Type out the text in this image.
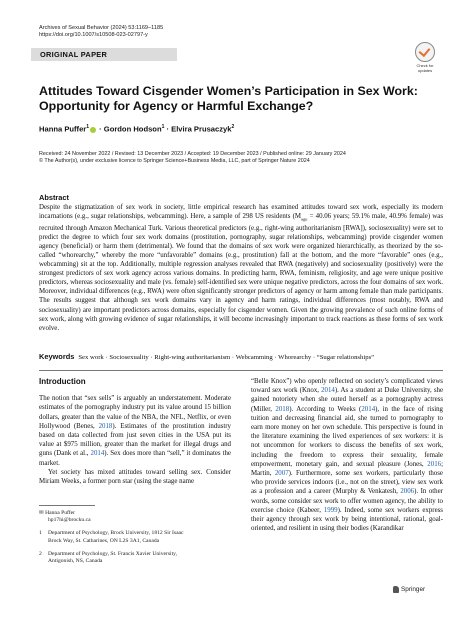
Archives of Sexual Behavior (2024) 53:1169–1185
https://doi.org/10.1007/s10508-023-02797-y
ORIGINAL PAPER
Check for
updates
Attitudes Toward Cisgender Women’s Participation in Sex Work:
Opportunity for Agency or Harmful Exchange?
Hanna Puffer$^1$ · Gordon Hodson$^1$ · Elvira Prusaczyk$^2$
Received: 24 November 2022 / Revised: 13 December 2023 / Accepted: 19 December 2023 / Published online: 29 January 2024
© The Author(s), under exclusive licence to Springer Science+Business Media, LLC, part of Springer Nature 2024
Abstract
Despite the stigmatization of sex work in society, little empirical research has examined attitudes toward sex work, especially its modern incarnations (e.g., sugar relationships, webcamming). Here, a sample of 298 US residents ($M_{age} = 40.06$ years; 59.1% male, 40.9% female) was recruited through Amazon Mechanical Turk. Various theoretical predictors (e.g., right-wing authoritarianism [RWA]), sociosexuality) were set to predict the degree to which four sex work domains (prostitution, pornography, sugar relationships, webcamming) provide cisgender women agency (beneficial) or harm them (detrimental). We found that the domains of sex work were organized hierarchically, as theorized by the so-called “whorearchy,” whereby the more “unfavorable” domains (e.g., prostitution) fall at the bottom, and the more “favorable” ones (e.g., webcamming) sit at the top. Additionally, multiple regression analyses revealed that RWA (negatively) and sociosexuality (positively) were the strongest predictors of sex work agency across various domains. In predicting harm, RWA, feminism, religiosity, and age were unique positive predictors, whereas sociosexuality and male (vs. female) self-identified sex were unique negative predictors, across the four domains of sex work. Moreover, individual differences (e.g., RWA) were often significantly stronger predictors of agency or harm among female than male participants. The results suggest that although sex work domains vary in agency and harm ratings, individual differences (most notably, RWA and sociosexuality) are important predictors across domains, especially for cisgender women. Given the growing prevalence of such online forms of sex work, along with growing evidence of sugar relationships, it will become increasingly important to track reactions as these forms of sex work evolve.
Keywords Sex work · Sociosexuality · Right-wing authoritarianism · Webcamming · Whorearchy · “Sugar relationships”
Introduction
The notion that “sex sells” is arguably an understatement. Moderate estimates of the pornography industry put its value around 15 billion dollars, greater than the value of the NBA, the NFL, Netflix, or even Hollywood (Benes, 2018). Estimates of the prostitution industry based on data collected from just seven cities in the USA put its value at $975 million, greater than the market for illegal drugs and guns (Dank et al., 2014). Sex does more than “sell,” it dominates the market.
Yet society has mixed attitudes toward selling sex. Consider Miriam Weeks, a former porn star (using the stage name
✉ Hanna Puffer
hp17hi@brocku.ca
1	Department of Psychology, Brock University, 1812 Sir Isaac
Brock Way, St. Catharines, ON L2S 3A1, Canada
2	Department of Psychology, St. Francis Xavier University,
Antigonish, NS, Canada
“Belle Knox”) who openly reflected on society’s complicated views toward sex work (Knox, 2014). As a student at Duke University, she gained notoriety when she outed herself as a pornography actress (Miller, 2018). According to Weeks (2014), in the face of rising tuition and decreasing financial aid, she turned to pornography to earn more money on her own schedule. This perspective is found in the literature examining the lived experiences of sex workers: it is not uncommon for workers to discuss the benefits of sex work, including the freedom to express their sexuality, female empowerment, monetary gain, and sexual pleasure (Jones, 2016; Martin, 2007). Furthermore, some sex workers, particularly those who provide services indoors (i.e., not on the street), view sex work as a profession and a career (Murphy & Venkatesh, 2006). In other words, some consider sex work to offer women agency, the ability to exercise choice (Kabeer, 1999). Indeed, some sex workers express their agency through sex work by being intentional, rational, goal-oriented, and resilient in using their bodies (Karandikar
Springer
